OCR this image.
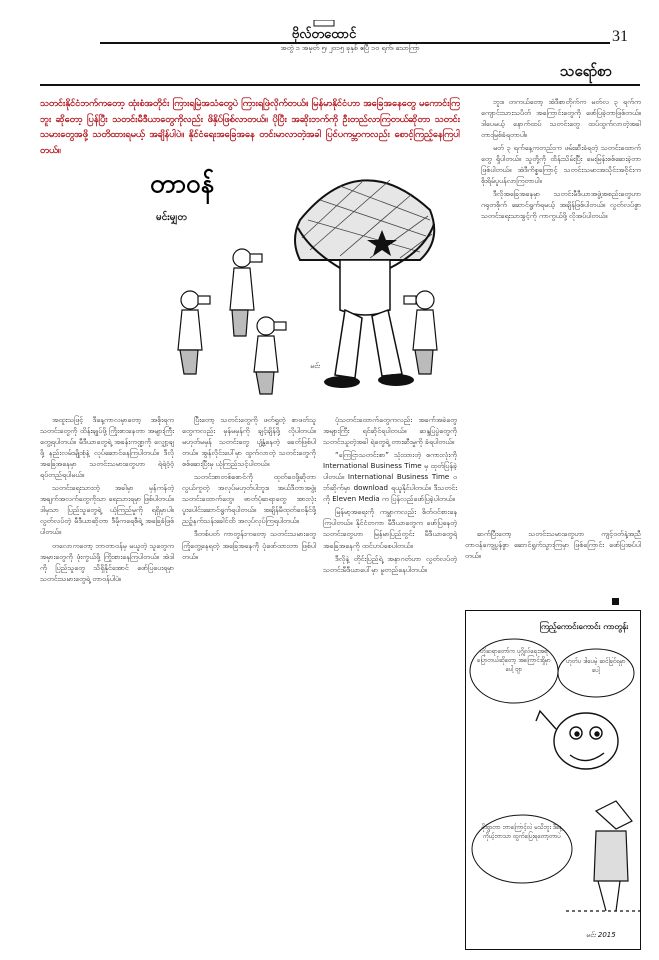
ဗိုလ်တထောင်
အတွဲ ၁ အမှတ် ၅၊ ၂၀၁၅ ခုနှစ် ဧပြီ ၁၀ ရက်၊ သောကြာ
31
သရော်စာ
သတင်းနိုင်ငံဘက်ကတော့ ထုံးစံအတိုင်း ကြားရမြဲအသံတွေပဲ ကြားရဖြဲလိုက်တယ်။ မြန်မာနိုင်ငံဟာ အခြေအနေတွေ မကောင်းကြဘူး ဆိုတော့ ပြန်ပြီး သတင်းမီဒီယာတွေကိုလည်း ဖိနှိပ်ဖြစ်လာတယ်။ ပိုပြီး အဆိုးဘက်ကို ဦးတည်လာကြတယ်ဆိုတာ သတင်းသမားတွေအဖို့ သတိထားရမယ့် အချိန်ပါပဲ။ နိုင်ငံရေးအခြေအနေ တင်းမာလာတဲ့အခါ ပြင်ပကမ္ဘာကလည်း စောင့်ကြည့်နေကြပါတယ်။

ဘူး။ တကယ်တော့ အဲဒီစာတိုက်က မတ်လ ၃ ရက်က ကျောင်းသားသပိတ် အကြောင်းတွေကို ဖော်ပြခဲ့တာဖြစ်တယ်။ ဒါပေမယ့် နောက်ထပ် သတင်းတွေ ထပ်ထွက်လာတဲ့အခါ တားမြစ်ခံရတာပါ။

မတ် ၃ ရက်နေ့ကတည်းက ဖမ်းဆီးခံရတဲ့ သတင်းထောက်တွေ ရှိပါတယ်။ သူတို့ကို ထိန်းသိမ်းပြီး မေးမြန်းစစ်ဆေးခဲ့တာ ဖြစ်ပါတယ်။ အဲဒီကိစ္စကြောင့် သတင်းသမားအသိုင်းအဝိုင်းက စိုးရိမ်ပူပန်လာကြတာပါ။

ဒီလိုအခြေအနေမှာ သတင်းမီဒီယာအဖွဲ့အစည်းတွေဟာ ဂရုတစိုက် ဆောင်ရွက်ရမယ့် အချိန်ဖြစ်ပါတယ်။ လွတ်လပ်စွာ သတင်းရေးသားခွင့်ကို ကာကွယ်ဖို့ လိုအပ်ပါတယ်။

တာဝန်
မင်းမျှတ
မင်း

အထူးသဖြင့် ဒီနေ့ကာလမှာတော့ အစိုးရက သတင်းတွေကို ထိန်းချုပ်ဖို့ ကြိုးစားနေတာ အများကြီးတွေ့ရပါတယ်။ မီဒီယာတွေရဲ့ အခန်းကဏ္ဍကို လျှော့ချဖို့ နည်းလမ်းမျိုးစုံနဲ့ လုပ်ဆောင်နေကြပါတယ်။ ဒီလိုအခြေအနေမှာ သတင်းသမားတွေဟာ ရဲရဲဝံ့ဝံ့ ရပ်တည်ရပါမယ်။

သတင်းရေးသားတဲ့ အခါမှာ မှန်ကန်တဲ့ အချက်အလက်တွေကိုသာ ရေးသားရမှာ ဖြစ်ပါတယ်။ ဒါမှသာ ပြည်သူတွေရဲ့ ယုံကြည်မှုကို ရရှိမှာပါ။ လွတ်လပ်တဲ့ မီဒီယာဆိုတာ ဒီမိုကရေစီရဲ့ အခြေခံဖြစ်ပါတယ်။

တလောကတော့ ဘာတာဝန်မှ မယူတဲ့ သူတွေက အမှားတွေကို ဖုံးကွယ်ဖို့ ကြိုးစားနေကြပါတယ်။ အဲဒါကို ပြည်သူတွေ သိရှိနိုင်အောင် ဖော်ပြပေးရမှာ သတင်းသမားတွေရဲ့ တာဝန်ပါပဲ။

ပြီးတော့ သတင်းတွေကို ဖတ်ရှုတဲ့ စာဖတ်သူတွေကလည်း မှန်မမှန်ကို ချင့်ချိန်ဖို့ လိုပါတယ်။ မဟုတ်မမှန် သတင်းတွေ ပျံ့နှံ့နေတဲ့ ခေတ်ဖြစ်ပါတယ်။ အွန်လိုင်းပေါ်မှာ ထွက်လာတဲ့ သတင်းတွေကို စစ်ဆေးပြီးမှ ယုံကြည်သင့်ပါတယ်။

သတင်းစာတစ်စောင်ကို ထုတ်ဝေဖို့ဆိုတာ လွယ်ကူတဲ့ အလုပ်မဟုတ်ပါဘူး။ အယ်ဒီတာအဖွဲ့၊ သတင်းထောက်တွေ၊ ဓာတ်ပုံဆရာတွေ အားလုံး ပူးပေါင်းဆောင်ရွက်ရပါတယ်။ အချိန်မီထုတ်ဝေနိုင်ဖို့ ညဉ့်နက်သန်းခေါင်ထိ အလုပ်လုပ်ကြရပါတယ်။

ဒီတစ်ပတ် ကာတွန်းကတော့ သတင်းသမားတွေ ကြုံတွေ့နေရတဲ့ အခြေအနေကို ပုံဖော်ထားတာ ဖြစ်ပါတယ်။

ပုံသတင်းထောက်တွေကလည်း အခက်အခဲတွေ အများကြီး ရင်ဆိုင်ရပါတယ်။ ဆန္ဒပြပွဲတွေကို သတင်းယူတဲ့အခါ ရဲတွေရဲ့ တားဆီးမှုကို ခံရပါတယ်။

“ကြေငြာသတင်းစာ” သုံးထားတဲ့ စကားလုံးကို International Business Time မှ ထုတ်ပြန်ခဲ့ပါတယ်။ International Business Time ဝဘ်ဆိုက်မှာ download ရယူနိုင်ပါတယ်။ ဒီသတင်းကို Eleven Media က ပြန်လည်ဖော်ပြခဲ့ပါတယ်။

မြန်မာ့အရေးကို ကမ္ဘာကလည်း စိတ်ဝင်စားနေကြပါတယ်။ နိုင်ငံတကာ မီဒီယာတွေက ဖော်ပြနေတဲ့ သတင်းတွေဟာ မြန်မာပြည်တွင်း မီဒီယာတွေရဲ့ အခြေအနေကို ထင်ဟပ်စေပါတယ်။

ဒီလိုနဲ့ တိုင်းပြည်ရဲ့ အနာဂတ်ဟာ လွတ်လပ်တဲ့ သတင်းမီဒီယာပေါ်မှာ မူတည်နေပါတယ်။

ဆက်ပြီးတော့ သတင်းသမားတွေဟာ ကျင့်ဝတ်နဲ့အညီ တာဝန်ကျေပွန်စွာ ဆောင်ရွက်သွားကြမှာ ဖြစ်ကြောင်း ဖော်ပြအပ်ပါတယ်။

ကြည့်ကောင်းကောင်း ကာတွန်း
ဟိုဆရာတော်က ပုဂ္ဂိုလ်ရေးအရ ပြောတယ်ဆိုတော့ အကြောင်းရှိမှာပေါ့ ဗျာ
ဟုတ်ပ ဒါပေမဲ့ ဆင်ခြင်ရမှာပေါ့
မိုးရွာတာ ဘာကြောင့်လဲ မသိဘူး ဒီနေ့ ကိုယ့်ဘာသာ ထွက်ပြေးရတော့တာပဲ
မင်း 2015
